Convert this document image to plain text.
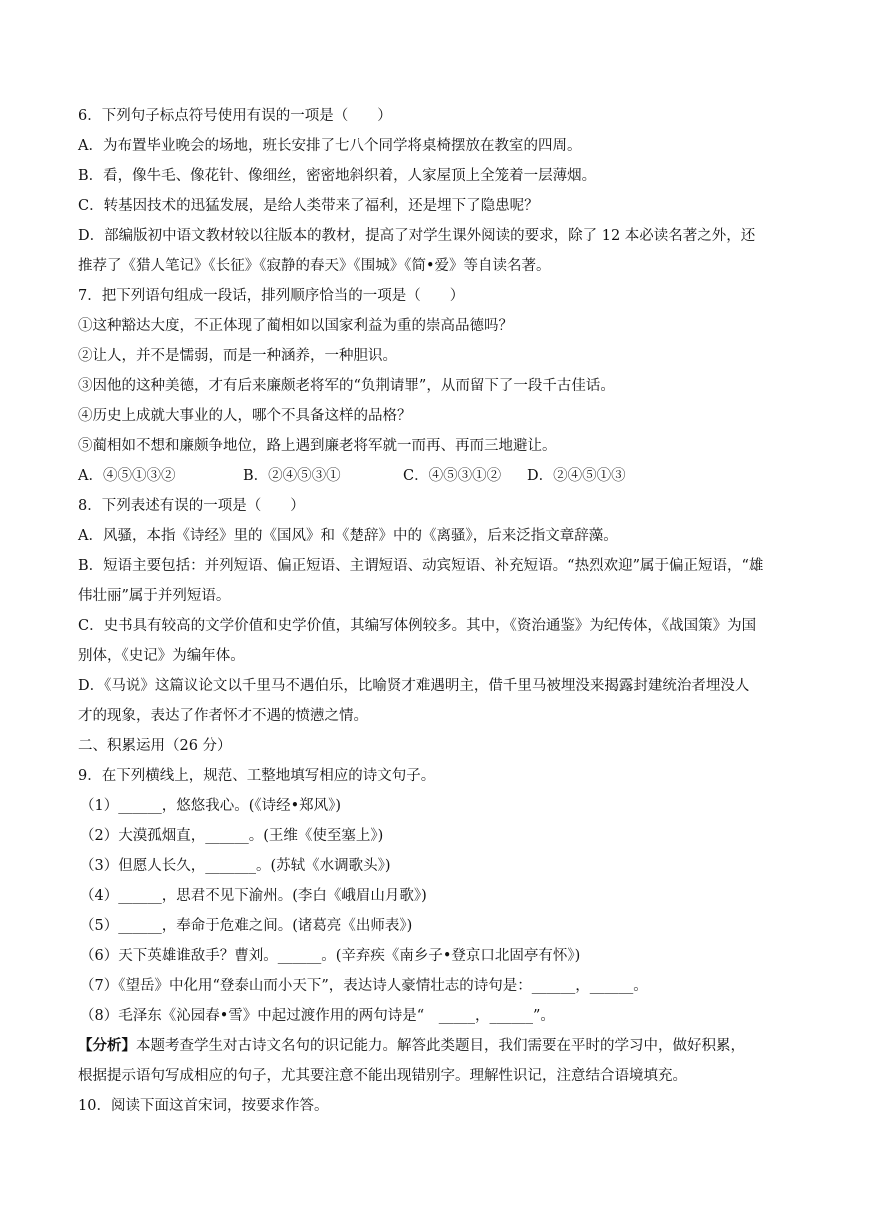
6．下列句子标点符号使用有误的一项是（　　）
A．为布置毕业晚会的场地，班长安排了七八个同学将桌椅摆放在教室的四周。
B．看，像牛毛、像花针、像细丝，密密地斜织着，人家屋顶上全笼着一层薄烟。
C．转基因技术的迅猛发展，是给人类带来了福利，还是埋下了隐患呢？
D．部编版初中语文教材较以往版本的教材，提高了对学生课外阅读的要求，除了 12 本必读名著之外，还
推荐了《猎人笔记》《长征》《寂静的春天》《围城》《简•爱》等自读名著。
7．把下列语句组成一段话，排列顺序恰当的一项是（　　）
①这种豁达大度，不正体现了蔺相如以国家利益为重的崇高品德吗？
②让人，并不是懦弱，而是一种涵养，一种胆识。
③因他的这种美德，才有后来廉颇老将军的“负荆请罪”，从而留下了一段千古佳话。
④历史上成就大事业的人，哪个不具备这样的品格？
⑤蔺相如不想和廉颇争地位，路上遇到廉老将军就一而再、再而三地避让。
A．④⑤①③②	B．②④⑤③①	C．④⑤③①② D．②④⑤①③
8．下列表述有误的一项是（　　）
A．风骚，本指《诗经》里的《国风》和《楚辞》中的《离骚》，后来泛指文章辞藻。
B．短语主要包括：并列短语、偏正短语、主谓短语、动宾短语、补充短语。“热烈欢迎”属于偏正短语，“雄
伟壮丽”属于并列短语。
C．史书具有较高的文学价值和史学价值，其编写体例较多。其中，《资治通鉴》为纪传体，《战国策》为国
别体，《史记》为编年体。
D．《马说》这篇议论文以千里马不遇伯乐，比喻贤才难遇明主，借千里马被埋没来揭露封建统治者埋没人
才的现象，表达了作者怀才不遇的愤懑之情。
二、积累运用（26 分）
9．在下列横线上，规范、工整地填写相应的诗文句子。
（1）______，悠悠我心。(《诗经•郑风》)
（2）大漠孤烟直，______。(王维《使至塞上》)
（3）但愿人长久，_______。(苏轼《水调歌头》)
（4）______，思君不见下渝州。(李白《峨眉山月歌》)
（5）______，奉命于危难之间。(诸葛亮《出师表》)
（6）天下英雄谁敌手？曹刘。______。(辛弃疾《南乡子•登京口北固亭有怀》)
（7）《望岳》中化用“登泰山而小天下”，表达诗人豪情壮志的诗句是：______，______。
（8）毛泽东《沁园春•雪》中起过渡作用的两句诗是“　_____，______”。
【分析】本题考查学生对古诗文名句的识记能力。解答此类题目，我们需要在平时的学习中，做好积累，
根据提示语句写成相应的句子，尤其要注意不能出现错别字。理解性识记，注意结合语境填充。
10．阅读下面这首宋词，按要求作答。
